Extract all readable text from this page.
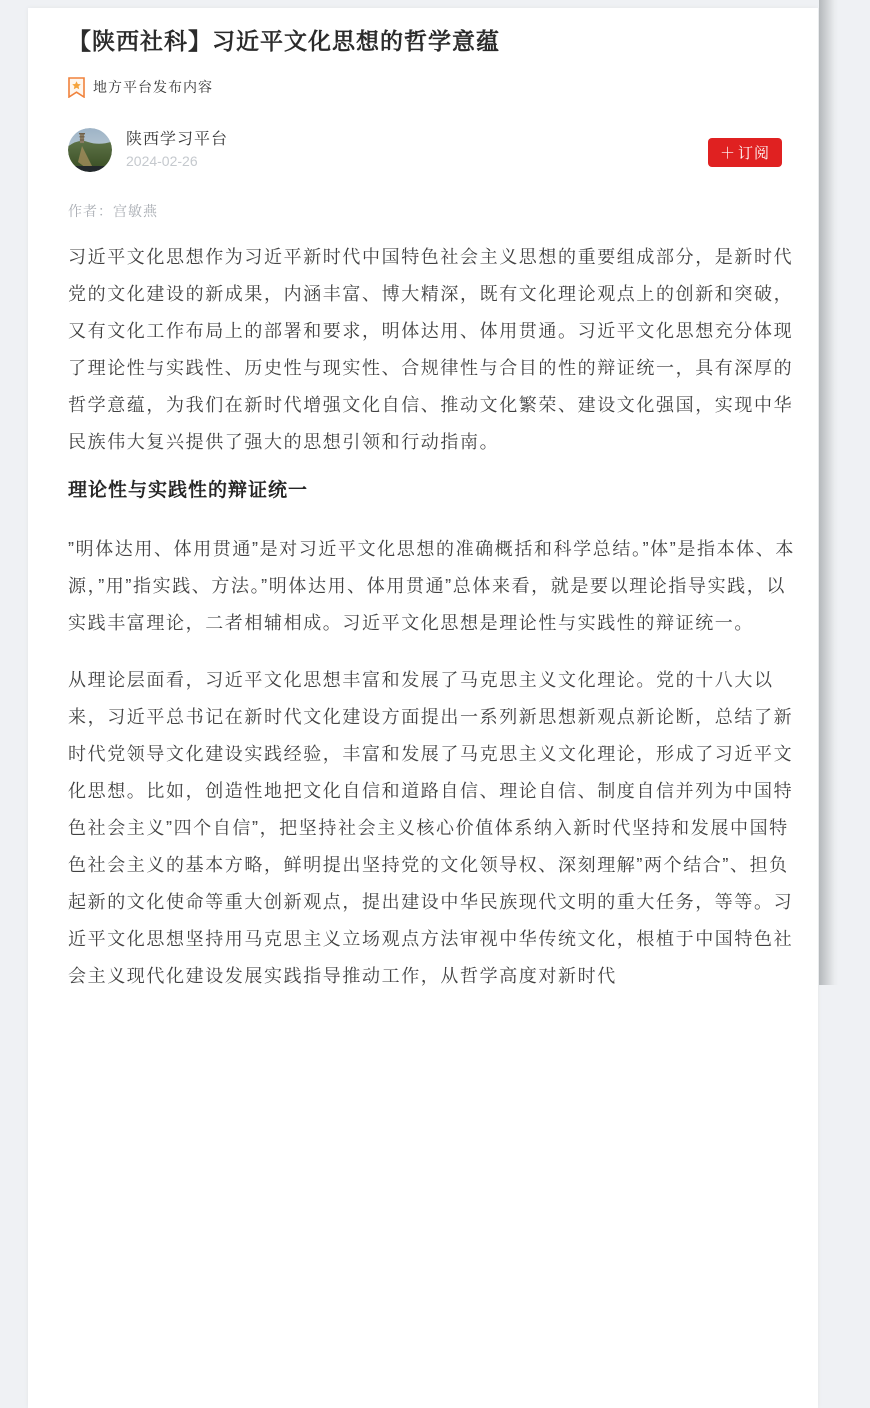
【陕西社科】习近平文化思想的哲学意蕴
地方平台发布内容
陕西学习平台
2024-02-26	＋ 订阅
作者：宫敏燕

习近平文化思想作为习近平新时代中国特色社会主义思想的重要组成部分，是新时代党的文化建设的新成果，内涵丰富、博大精深，既有文化理论观点上的创新和突破，又有文化工作布局上的部署和要求，明体达用、体用贯通。习近平文化思想充分体现了理论性与实践性、历史性与现实性、合规律性与合目的性的辩证统一，具有深厚的哲学意蕴，为我们在新时代增强文化自信、推动文化繁荣、建设文化强国，实现中华民族伟大复兴提供了强大的思想引领和行动指南。

理论性与实践性的辩证统一

”明体达用、体用贯通”是对习近平文化思想的准确概括和科学总结。”体”是指本体、本源，”用”指实践、方法。”明体达用、体用贯通”总体来看，就是要以理论指导实践，以实践丰富理论，二者相辅相成。习近平文化思想是理论性与实践性的辩证统一。

从理论层面看，习近平文化思想丰富和发展了马克思主义文化理论。党的十八大以来，习近平总书记在新时代文化建设方面提出一系列新思想新观点新论断，总结了新时代党领导文化建设实践经验，丰富和发展了马克思主义文化理论，形成了习近平文化思想。比如，创造性地把文化自信和道路自信、理论自信、制度自信并列为中国特色社会主义”四个自信”，把坚持社会主义核心价值体系纳入新时代坚持和发展中国特色社会主义的基本方略，鲜明提出坚持党的文化领导权、深刻理解”两个结合”、担负起新的文化使命等重大创新观点，提出建设中华民族现代文明的重大任务，等等。习近平文化思想坚持用马克思主义立场观点方法审视中华传统文化，根植于中国特色社会主义现代化建设发展实践指导推动工作，从哲学高度对新时代
